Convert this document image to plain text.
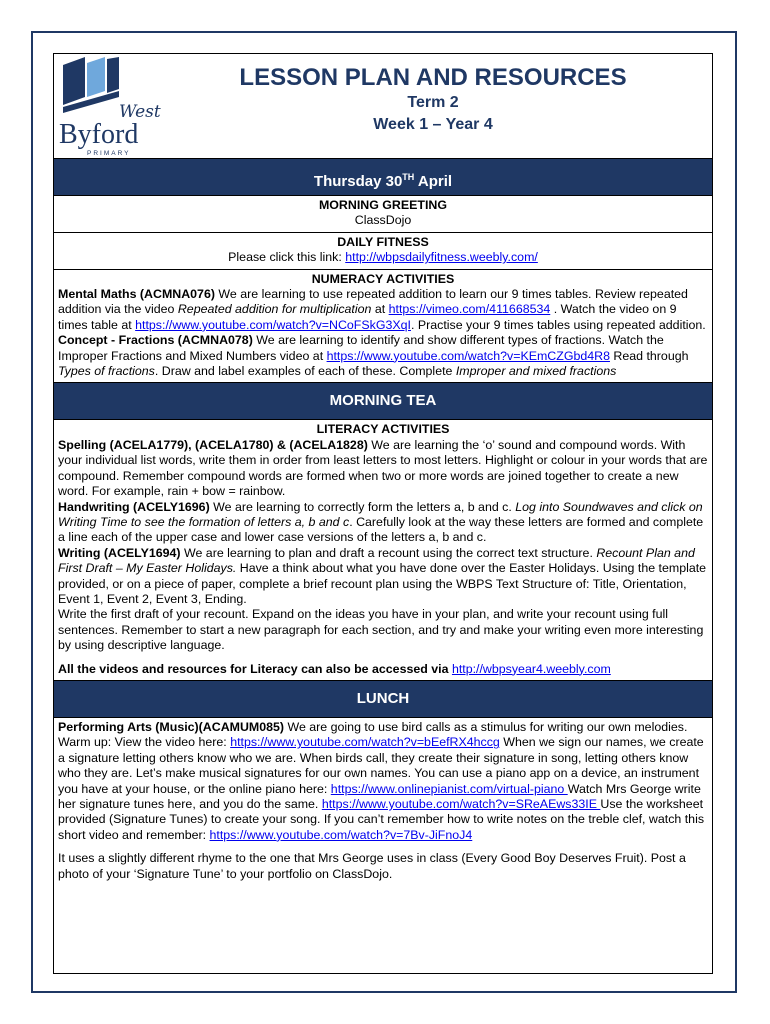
West
Byford
PRIMARY
LESSON PLAN AND RESOURCES
Term 2
Week 1 – Year 4
Thursday 30TH April
MORNING GREETING
ClassDojo
DAILY FITNESS
Please click this link: http://wbpsdailyfitness.weebly.com/
NUMERACY ACTIVITIES
Mental Maths (ACMNA076) We are learning to use repeated addition to learn our 9 times tables. Review repeated addition via the video Repeated addition for multiplication at https://vimeo.com/411668534 . Watch the video on 9 times table at https://www.youtube.com/watch?v=NCoFSkG3XqI. Practise your 9 times tables using repeated addition.
Concept - Fractions (ACMNA078) We are learning to identify and show different types of fractions. Watch the Improper Fractions and Mixed Numbers video at https://www.youtube.com/watch?v=KEmCZGbd4R8 Read through Types of fractions. Draw and label examples of each of these. Complete Improper and mixed fractions
MORNING TEA
LITERACY ACTIVITIES
Spelling (ACELA1779), (ACELA1780) & (ACELA1828) We are learning the ‘o’ sound and compound words. With your individual list words, write them in order from least letters to most letters. Highlight or colour in your words that are compound. Remember compound words are formed when two or more words are joined together to create a new word. For example, rain + bow = rainbow.
Handwriting (ACELY1696) We are learning to correctly form the letters a, b and c. Log into Soundwaves and click on Writing Time to see the formation of letters a, b and c. Carefully look at the way these letters are formed and complete a line each of the upper case and lower case versions of the letters a, b and c.
Writing (ACELY1694) We are learning to plan and draft a recount using the correct text structure. Recount Plan and First Draft – My Easter Holidays. Have a think about what you have done over the Easter Holidays. Using the template provided, or on a piece of paper, complete a brief recount plan using the WBPS Text Structure of: Title, Orientation, Event 1, Event 2, Event 3, Ending.
Write the first draft of your recount. Expand on the ideas you have in your plan, and write your recount using full sentences. Remember to start a new paragraph for each section, and try and make your writing even more interesting by using descriptive language.
All the videos and resources for Literacy can also be accessed via http://wbpsyear4.weebly.com
LUNCH
Performing Arts (Music)(ACAMUM085) We are going to use bird calls as a stimulus for writing our own melodies. Warm up: View the video here: https://www.youtube.com/watch?v=bEefRX4hccg When we sign our names, we create a signature letting others know who we are. When birds call, they create their signature in song, letting others know who they are. Let’s make musical signatures for our own names. You can use a piano app on a device, an instrument you have at your house, or the online piano here: https://www.onlinepianist.com/virtual-piano Watch Mrs George write her signature tunes here, and you do the same. https://www.youtube.com/watch?v=SReAEws33IE Use the worksheet provided (Signature Tunes) to create your song. If you can’t remember how to write notes on the treble clef, watch this short video and remember: https://www.youtube.com/watch?v=7Bv-JiFnoJ4
It uses a slightly different rhyme to the one that Mrs George uses in class (Every Good Boy Deserves Fruit). Post a photo of your ‘Signature Tune’ to your portfolio on ClassDojo.
